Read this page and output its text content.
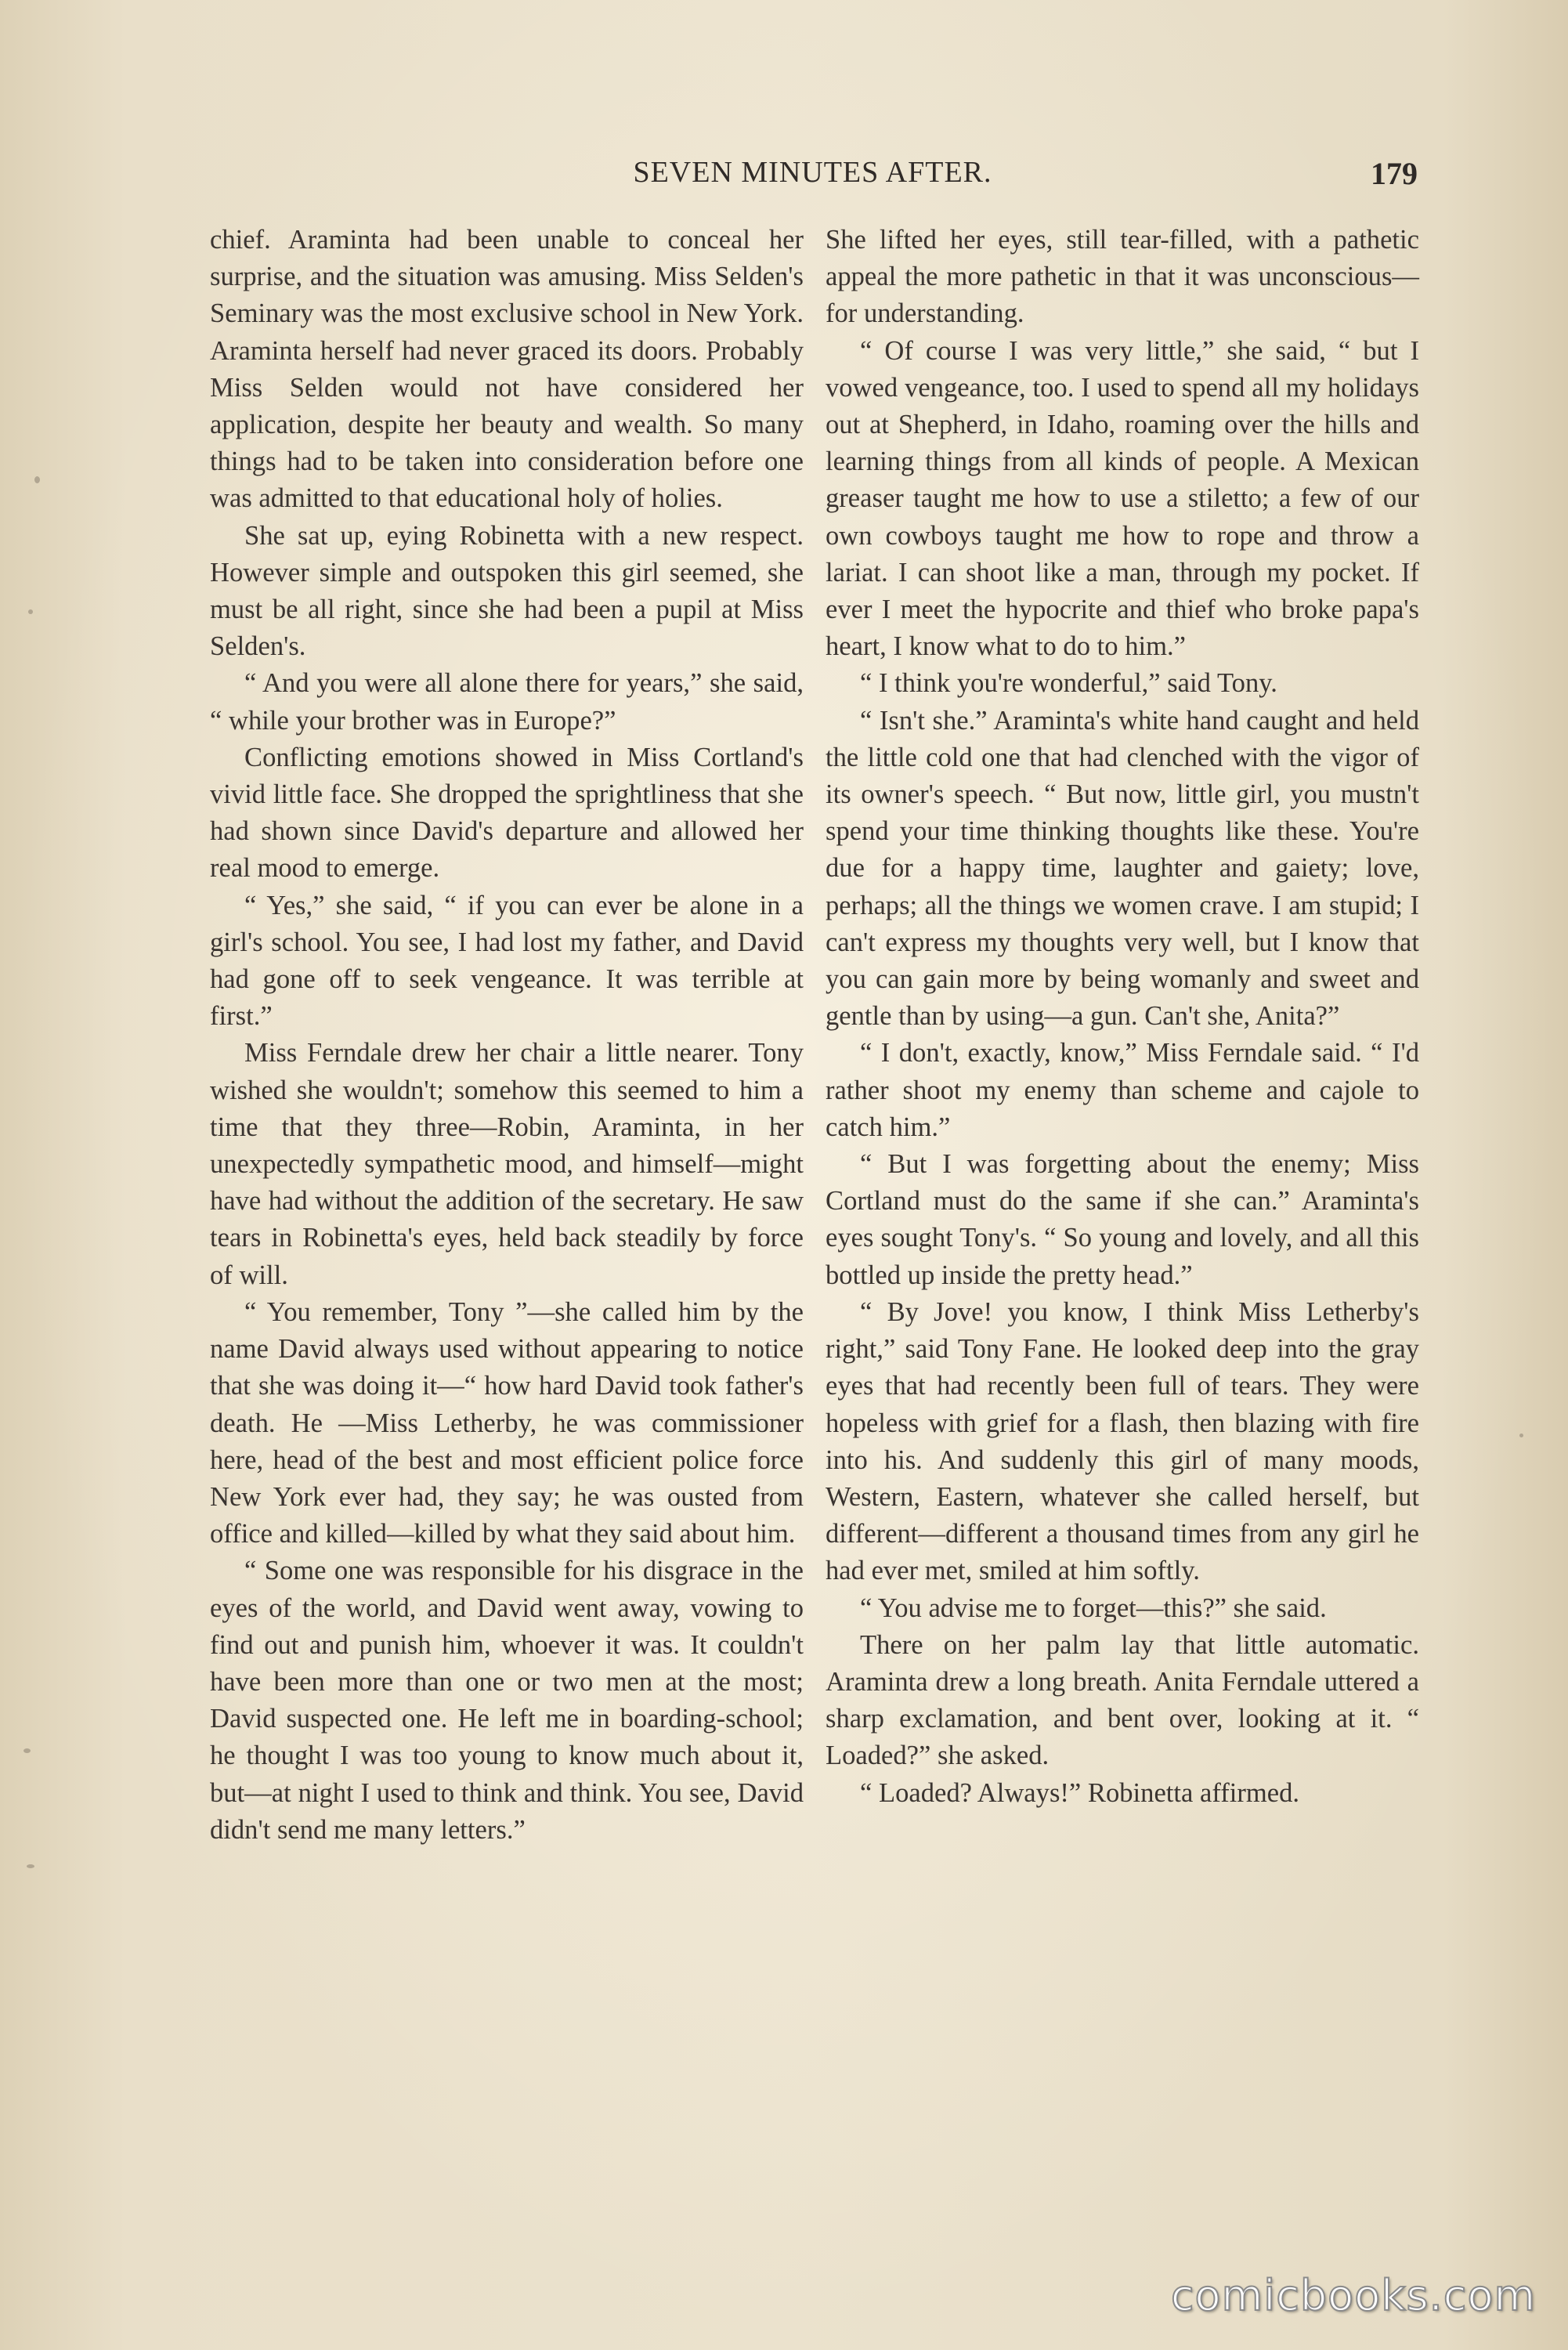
SEVEN MINUTES AFTER.	179

chief. Araminta had been unable to conceal her surprise, and the situation was amusing. Miss Selden's Seminary was the most exclusive school in New York. Araminta herself had never graced its doors. Probably Miss Selden would not have considered her application, despite her beauty and wealth. So many things had to be taken into consideration before one was admitted to that educational holy of holies.

She sat up, eying Robinetta with a new respect. However simple and outspoken this girl seemed, she must be all right, since she had been a pupil at Miss Selden's.

“ And you were all alone there for years,” she said, “ while your brother was in Europe?”

Conflicting emotions showed in Miss Cortland's vivid little face. She dropped the sprightliness that she had shown since David's departure and allowed her real mood to emerge.

“ Yes,” she said, “ if you can ever be alone in a girl's school. You see, I had lost my father, and David had gone off to seek vengeance. It was terrible at first.”

Miss Ferndale drew her chair a little nearer. Tony wished she wouldn't; somehow this seemed to him a time that they three—Robin, Araminta, in her unexpectedly sympathetic mood, and himself—might have had without the addition of the secretary. He saw tears in Robinetta's eyes, held back steadily by force of will.

“ You remember, Tony ”—she called him by the name David always used without appearing to notice that she was doing it—“ how hard David took father's death. He —Miss Letherby, he was commissioner here, head of the best and most efficient police force New York ever had, they say; he was ousted from office and killed—killed by what they said about him.

“ Some one was responsible for his disgrace in the eyes of the world, and David went away, vowing to find out and punish him, whoever it was. It couldn't have been more than one or two men at the most; David suspected one. He left me in boarding-school; he thought I was too young to know much about it, but—at night I used to think and think. You see, David didn't send me many letters.”

She lifted her eyes, still tear-filled, with a pathetic appeal the more pathetic in that it was unconscious—for understanding.

“ Of course I was very little,” she said, “ but I vowed vengeance, too. I used to spend all my holidays out at Shepherd, in Idaho, roaming over the hills and learning things from all kinds of people. A Mexican greaser taught me how to use a stiletto; a few of our own cowboys taught me how to rope and throw a lariat. I can shoot like a man, through my pocket. If ever I meet the hypocrite and thief who broke papa's heart, I know what to do to him.”

“ I think you're wonderful,” said Tony.

“ Isn't she.” Araminta's white hand caught and held the little cold one that had clenched with the vigor of its owner's speech. “ But now, little girl, you mustn't spend your time thinking thoughts like these. You're due for a happy time, laughter and gaiety; love, perhaps; all the things we women crave. I am stupid; I can't express my thoughts very well, but I know that you can gain more by being womanly and sweet and gentle than by using—a gun. Can't she, Anita?”

“ I don't, exactly, know,” Miss Ferndale said. “ I'd rather shoot my enemy than scheme and cajole to catch him.”

“ But I was forgetting about the enemy; Miss Cortland must do the same if she can.” Araminta's eyes sought Tony's. “ So young and lovely, and all this bottled up inside the pretty head.”

“ By Jove! you know, I think Miss Letherby's right,” said Tony Fane. He looked deep into the gray eyes that had recently been full of tears. They were hopeless with grief for a flash, then blazing with fire into his. And suddenly this girl of many moods, Western, Eastern, whatever she called herself, but different—different a thousand times from any girl he had ever met, smiled at him softly.

“ You advise me to forget—this?” she said.

There on her palm lay that little automatic. Araminta drew a long breath. Anita Ferndale uttered a sharp exclamation, and bent over, looking at it. “ Loaded?” she asked.

“ Loaded? Always!” Robinetta affirmed.

comicbooks.com
